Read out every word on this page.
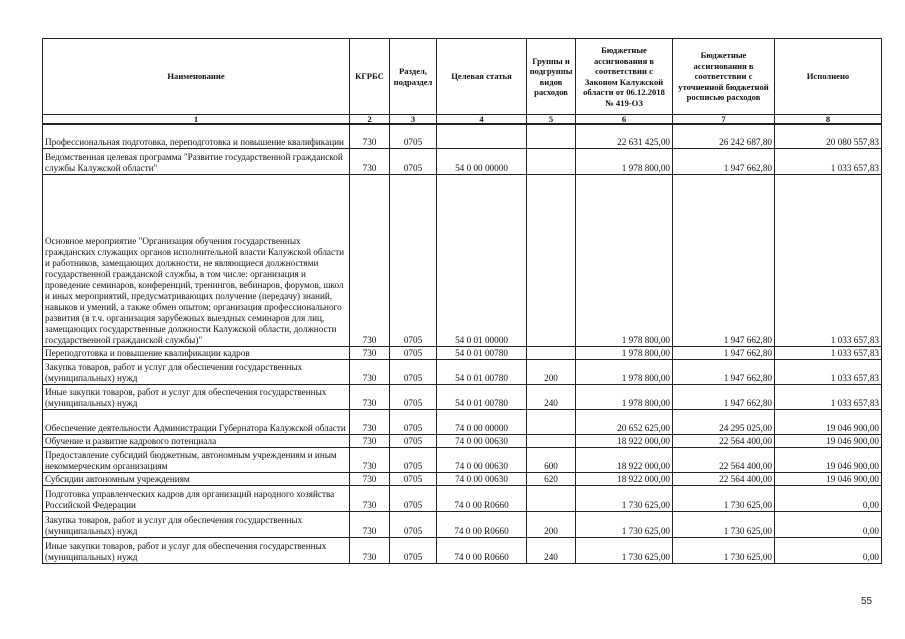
Наименование	КГРБС	Раздел, подраздел	Целевая статья	Группы и подгруппы видов расходов	Бюджетные ассигнования в соответствии с Законом Калужской области от 06.12.2018 № 419-ОЗ	Бюджетные ассигнования в соответствии с уточненной бюджетной росписью расходов	Исполнено
1	2	3	4	5	6	7	8
Профессиональная подготовка, переподготовка и повышение квалификации	730	0705			22 631 425,00	26 242 687,80	20 080 557,83
Ведомственная целевая программа "Развитие государственной гражданской службы Калужской области"	730	0705	54 0 00 00000		1 978 800,00	1 947 662,80	1 033 657,83
Основное мероприятие "Организация обучения государственных гражданских служащих органов исполнительной власти Калужской области и работников, замещающих должности, не являющиеся должностями государственной гражданской службы, в том числе: организация и проведение семинаров, конференций, тренингов, вебинаров, форумов, школ и иных мероприятий, предусматривающих получение (передачу) знаний, навыков и умений, а также обмен опытом; организация профессионального развития (в т.ч. организация зарубежных выездных семинаров для лиц, замещающих государственные должности Калужской области, должности государственной гражданской службы)"	730	0705	54 0 01 00000		1 978 800,00	1 947 662,80	1 033 657,83
Переподготовка и повышение квалификации кадров	730	0705	54 0 01 00780		1 978 800,00	1 947 662,80	1 033 657,83
Закупка товаров, работ и услуг для обеспечения государственных (муниципальных) нужд	730	0705	54 0 01 00780	200	1 978 800,00	1 947 662,80	1 033 657,83
Иные закупки товаров, работ и услуг для обеспечения государственных (муниципальных) нужд	730	0705	54 0 01 00780	240	1 978 800,00	1 947 662,80	1 033 657,83
Обеспечение деятельности Администрации Губернатора Калужской области	730	0705	74 0 00 00000		20 652 625,00	24 295 025,00	19 046 900,00
Обучение и развитие кадрового потенциала	730	0705	74 0 00 00630		18 922 000,00	22 564 400,00	19 046 900,00
Предоставление субсидий бюджетным, автономным учреждениям и иным некоммерческим организациям	730	0705	74 0 00 00630	600	18 922 000,00	22 564 400,00	19 046 900,00
Субсидии автономным учреждениям	730	0705	74 0 00 00630	620	18 922 000,00	22 564 400,00	19 046 900,00
Подготовка управленческих кадров для организаций народного хозяйства Российской Федерации	730	0705	74 0 00 R0660		1 730 625,00	1 730 625,00	0,00
Закупка товаров, работ и услуг для обеспечения государственных (муниципальных) нужд	730	0705	74 0 00 R0660	200	1 730 625,00	1 730 625,00	0,00
Иные закупки товаров, работ и услуг для обеспечения государственных (муниципальных) нужд	730	0705	74 0 00 R0660	240	1 730 625,00	1 730 625,00	0,00
55
